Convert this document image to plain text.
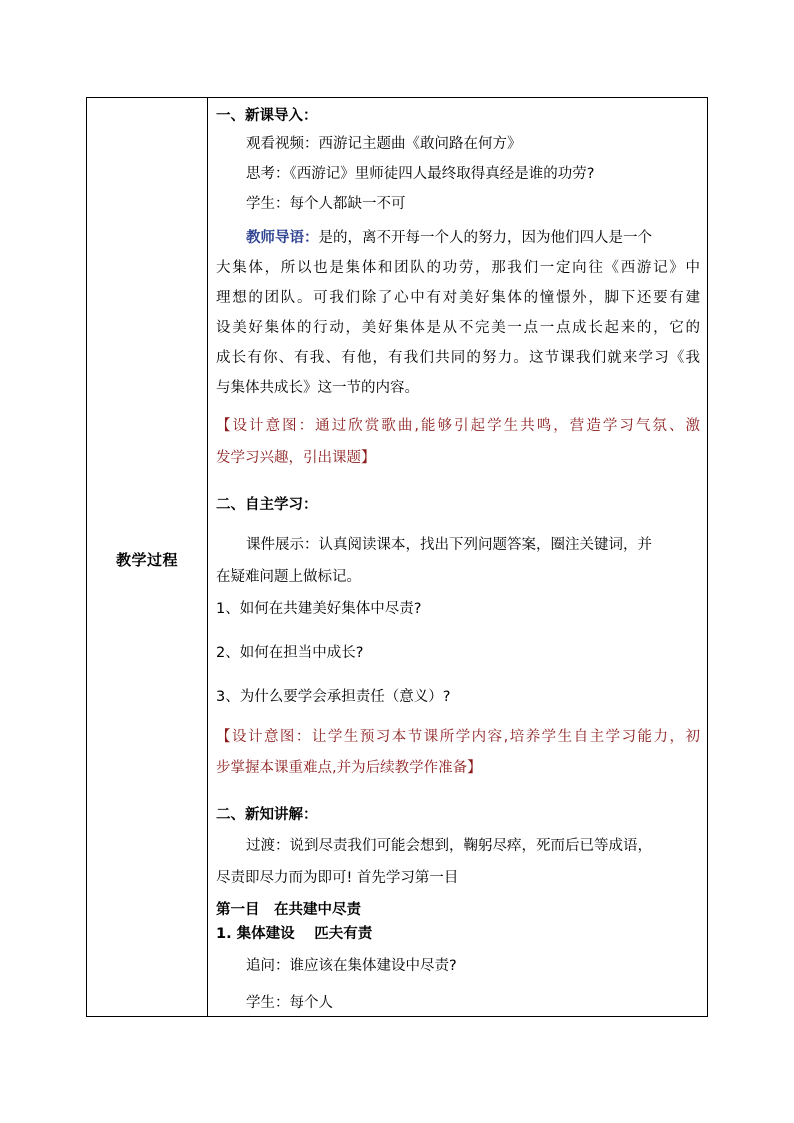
教学过程
一、新课导入：
观看视频：西游记主题曲《敢问路在何方》
思考：《西游记》里师徒四人最终取得真经是谁的功劳?
学生：每个人都缺一不可
教师导语：是的，离不开每一个人的努力，因为他们四人是一个
大集体，所以也是集体和团队的功劳，那我们一定向往《西游记》中
理想的团队。可我们除了心中有对美好集体的憧憬外，脚下还要有建
设美好集体的行动，美好集体是从不完美一点一点成长起来的，它的
成长有你、有我、有他，有我们共同的努力。这节课我们就来学习《我
与集体共成长》这一节的内容。
【设计意图：通过欣赏歌曲,能够引起学生共鸣，营造学习气氛、激
发学习兴趣，引出课题】
二、自主学习：
课件展示：认真阅读课本，找出下列问题答案，圈注关键词，并
在疑难问题上做标记。
1、如何在共建美好集体中尽责?
2、如何在担当中成长?
3、为什么要学会承担责任（意义）?
【设计意图：让学生预习本节课所学内容,培养学生自主学习能力，初
步掌握本课重难点,并为后续教学作准备】
二、新知讲解：
过渡：说到尽责我们可能会想到，鞠躬尽瘁，死而后已等成语，
尽责即尽力而为即可! 首先学习第一目
第一目　在共建中尽责
1. 集体建设　 匹夫有责
追问：谁应该在集体建设中尽责?
学生：每个人
